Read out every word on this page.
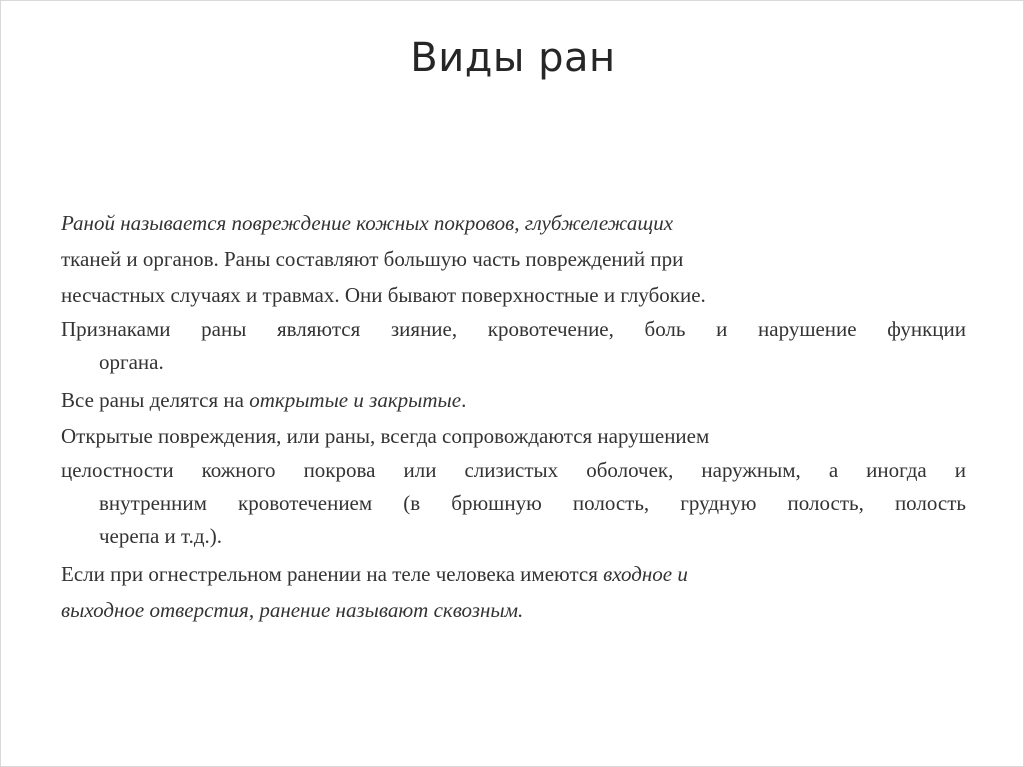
Виды ран
Раной называется повреждение кожных покровов, глубжележащих
тканей и органов. Раны составляют большую часть повреждений при
несчастных случаях и травмах. Они бывают поверхностные и глубокие.
Признаками раны являются зияние, кровотечение, боль и нарушение функции
органа.
Все раны делятся на открытые и закрытые.
Открытые повреждения, или раны, всегда сопровождаются нарушением
целостности кожного покрова или слизистых оболочек, наружным, а иногда и
внутренним кровотечением (в брюшную полость, грудную полость, полость
черепа и т.д.).
Если при огнестрельном ранении на теле человека имеются входное и
выходное отверстия, ранение называют сквозным.
